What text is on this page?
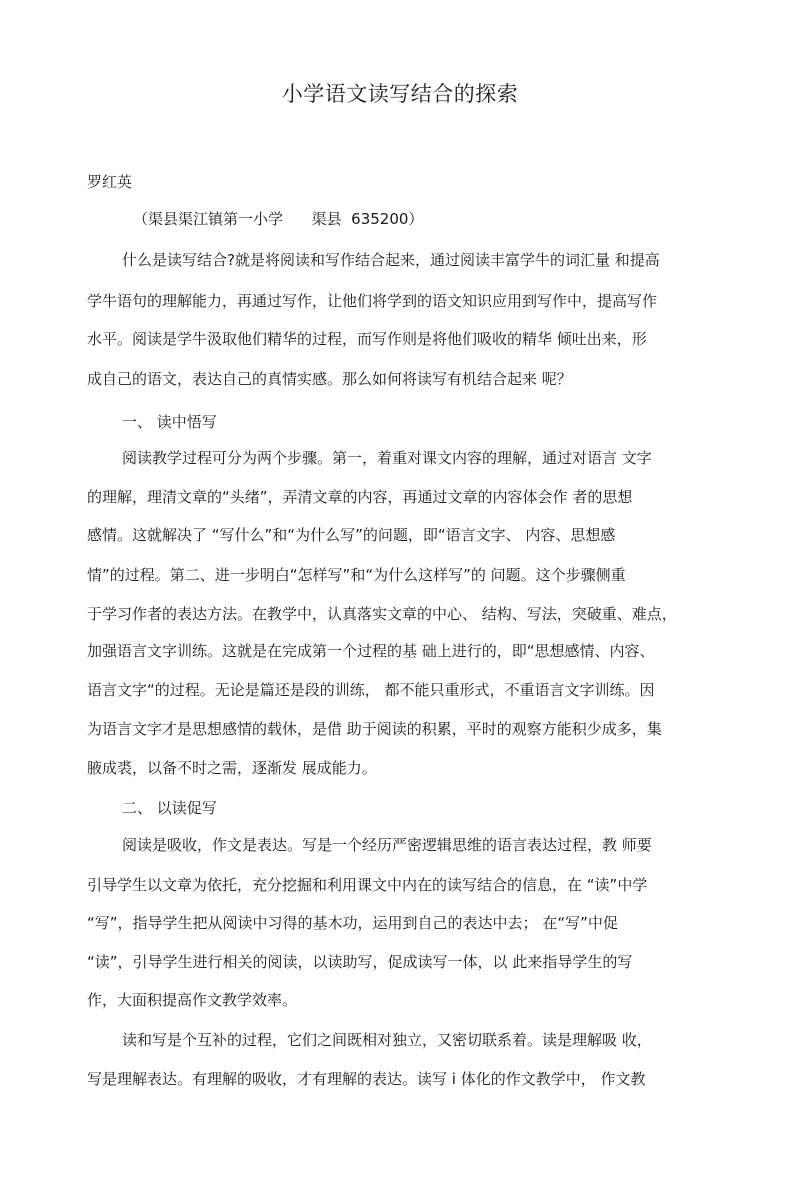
小学语文读写结合的探索
罗红英
（渠县渠江镇第一小学      渠县  635200）
什么是读写结合?就是将阅读和写作结合起来，通过阅读丰富学牛的词汇量 和提高
学牛语句的理解能力，再通过写作，让他们将学到的语文知识应用到写作中，提高写作
水平。阅读是学牛汲取他们精华的过程，而写作则是将他们吸收的精华 倾吐出来，形
成自己的语文，表达自己的真情实感。那么如何将读写有机结合起来 呢？
一、 读中悟写
阅读教学过程可分为两个步骤。第一，着重对课文内容的理解，通过对语言 文字
的理解，理清文章的“头绪”，弄清文章的内容，再通过文章的内容体会作 者的思想
感情。这就解决了 “写什么”和“为什么写”的问题，即“语言文字、 内容、思想感
情”的过程。第二、进一步明白“怎样写”和“为什么这样写”的 问题。这个步骤侧重
于学习作者的表达方法。在教学中，认真落实文章的中心、 结构、写法，突破重、难点，
加强语言文字训练。这就是在完成第一个过程的基 础上进行的，即“思想感情、内容、
语言文字“的过程。无论是篇还是段的训练， 都不能只重形式，不重语言文字训练。因
为语言文字才是思想感情的载休，是借 助于阅读的积累，平时的观察方能积少成多，集
腋成裘，以备不时之需，逐渐发 展成能力。
二、 以读促写
阅读是吸收，作文是表达。写是一个经历严密逻辑思维的语言表达过程，教 师要
引导学生以文章为依托，充分挖掘和利用课文中内在的读写结合的信息，在 “读”中学
“写”，指导学生把从阅读中习得的基木功，运用到自己的表达中去； 在“写”中促
“读”，引导学生进行相关的阅读，以读助写，促成读写一体，以 此来指导学生的写
作，大面积提高作文教学效率。
读和写是个互补的过程，它们之间既相对独立，又密切联系着。读是理解吸 收，
写是理解表达。有理解的吸收，才有理解的表达。读写 i 体化的作文教学中， 作文教
